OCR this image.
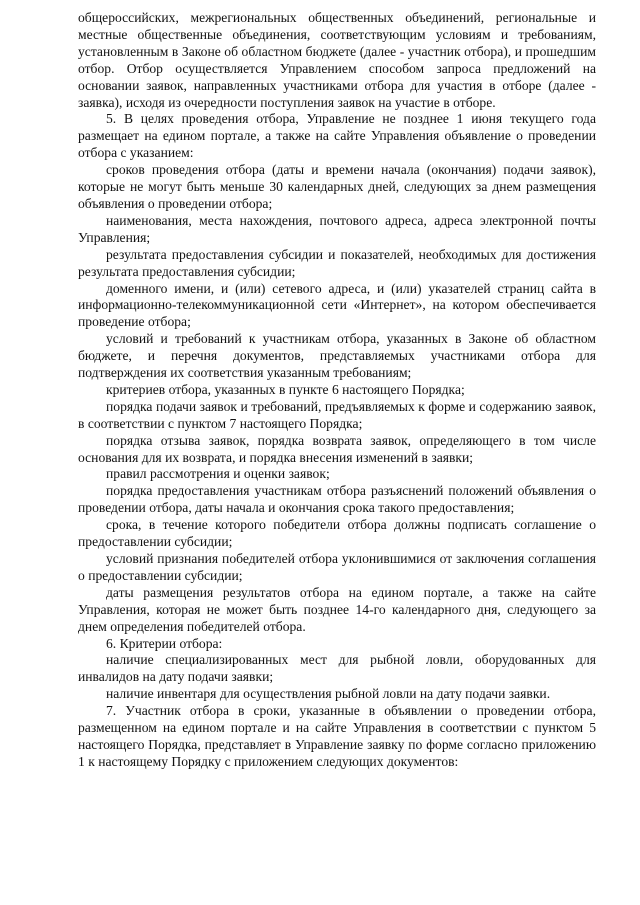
общероссийских, межрегиональных общественных объединений, региональные и местные общественные объединения, соответствующим условиям и требованиям, установленным в Законе об областном бюджете (далее - участник отбора), и прошедшим отбор. Отбор осуществляется Управлением способом запроса предложений на основании заявок, направленных участниками отбора для участия в отборе (далее - заявка), исходя из очередности поступления заявок на участие в отборе.

5. В целях проведения отбора, Управление не позднее 1 июня текущего года размещает на едином портале, а также на сайте Управления объявление о проведении отбора с указанием:

сроков проведения отбора (даты и времени начала (окончания) подачи заявок), которые не могут быть меньше 30 календарных дней, следующих за днем размещения объявления о проведении отбора;

наименования, места нахождения, почтового адреса, адреса электронной почты Управления;

результата предоставления субсидии и показателей, необходимых для достижения результата предоставления субсидии;

доменного имени, и (или) сетевого адреса, и (или) указателей страниц сайта в информационно-телекоммуникационной сети «Интернет», на котором обеспечивается проведение отбора;

условий и требований к участникам отбора, указанных в Законе об областном бюджете, и перечня документов, представляемых участниками отбора для подтверждения их соответствия указанным требованиям;

критериев отбора, указанных в пункте 6 настоящего Порядка;

порядка подачи заявок и требований, предъявляемых к форме и содержанию заявок, в соответствии с пунктом 7 настоящего Порядка;

порядка отзыва заявок, порядка возврата заявок, определяющего в том числе основания для их возврата, и порядка внесения изменений в заявки;

правил рассмотрения и оценки заявок;

порядка предоставления участникам отбора разъяснений положений объявления о проведении отбора, даты начала и окончания срока такого предоставления;

срока, в течение которого победители отбора должны подписать соглашение о предоставлении субсидии;

условий признания победителей отбора уклонившимися от заключения соглашения о предоставлении субсидии;

даты размещения результатов отбора на едином портале, а также на сайте Управления, которая не может быть позднее 14-го календарного дня, следующего за днем определения победителей отбора.

6. Критерии отбора:

наличие специализированных мест для рыбной ловли, оборудованных для инвалидов на дату подачи заявки;

наличие инвентаря для осуществления рыбной ловли на дату подачи заявки.

7. Участник отбора в сроки, указанные в объявлении о проведении отбора, размещенном на едином портале и на сайте Управления в соответствии с пунктом 5 настоящего Порядка, представляет в Управление заявку по форме согласно приложению 1 к настоящему Порядку с приложением следующих документов:
